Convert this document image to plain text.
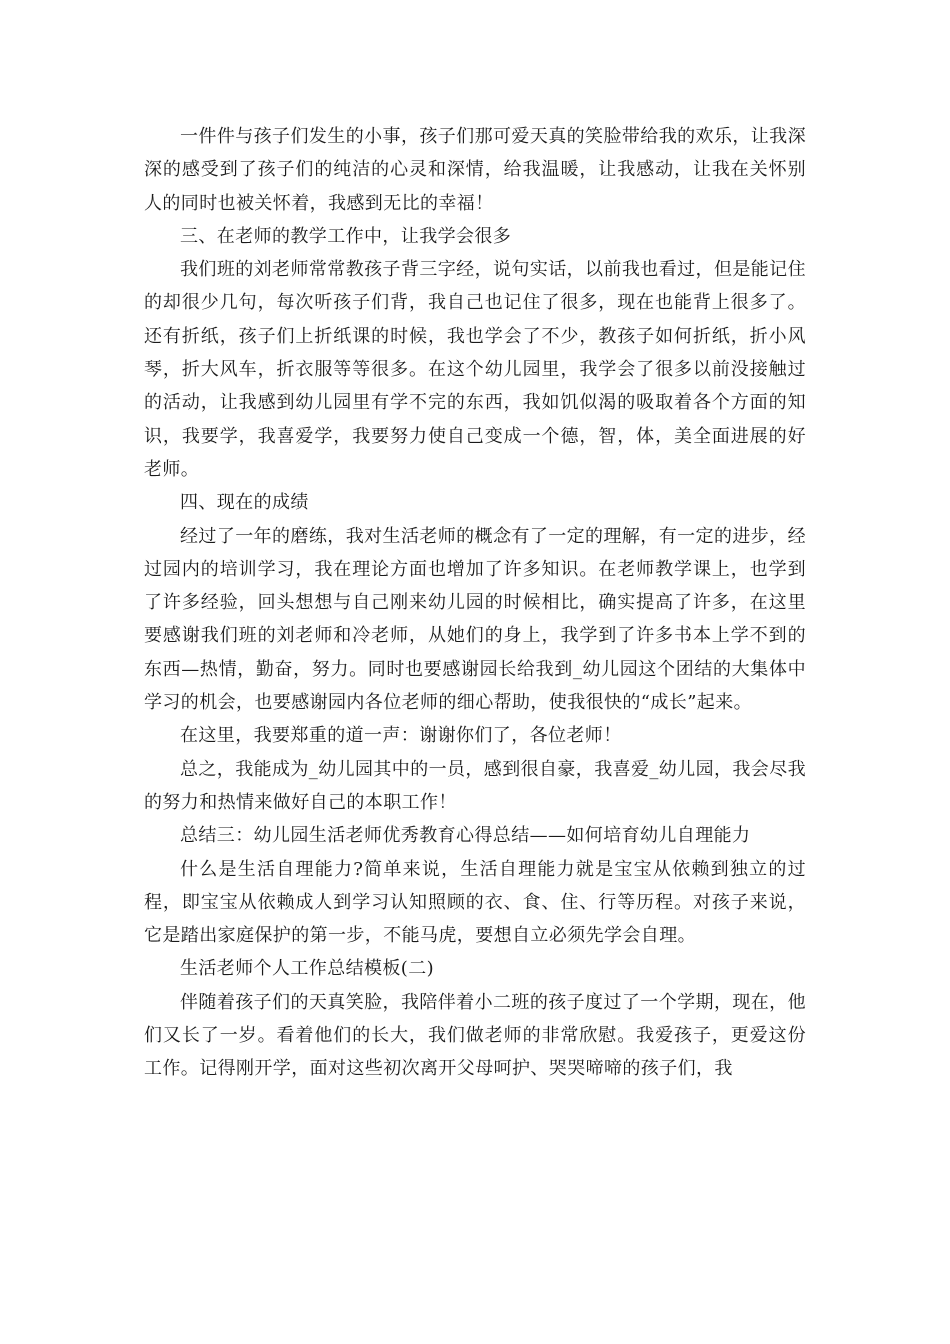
一件件与孩子们发生的小事，孩子们那可爱天真的笑脸带给我的欢乐，让我深深的感受到了孩子们的纯洁的心灵和深情，给我温暖，让我感动，让我在关怀别人的同时也被关怀着，我感到无比的幸福！

三、在老师的教学工作中，让我学会很多

我们班的刘老师常常教孩子背三字经，说句实话，以前我也看过，但是能记住的却很少几句，每次听孩子们背，我自己也记住了很多，现在也能背上很多了。还有折纸，孩子们上折纸课的时候，我也学会了不少，教孩子如何折纸，折小风琴，折大风车，折衣服等等很多。在这个幼儿园里，我学会了很多以前没接触过的活动，让我感到幼儿园里有学不完的东西，我如饥似渴的吸取着各个方面的知识，我要学，我喜爱学，我要努力使自己变成一个德，智，体，美全面进展的好老师。

四、现在的成绩

经过了一年的磨练，我对生活老师的概念有了一定的理解，有一定的进步，经过园内的培训学习，我在理论方面也增加了许多知识。在老师教学课上，也学到了许多经验，回头想想与自己刚来幼儿园的时候相比，确实提高了许多，在这里要感谢我们班的刘老师和冷老师，从她们的身上，我学到了许多书本上学不到的东西—热情，勤奋，努力。同时也要感谢园长给我到_幼儿园这个团结的大集体中学习的机会，也要感谢园内各位老师的细心帮助，使我很快的“成长”起来。

在这里，我要郑重的道一声：谢谢你们了，各位老师！

总之，我能成为_幼儿园其中的一员，感到很自豪，我喜爱_幼儿园，我会尽我的努力和热情来做好自己的本职工作！

总结三：幼儿园生活老师优秀教育心得总结——如何培育幼儿自理能力

什么是生活自理能力?简单来说，生活自理能力就是宝宝从依赖到独立的过程，即宝宝从依赖成人到学习认知照顾的衣、食、住、行等历程。对孩子来说，它是踏出家庭保护的第一步，不能马虎，要想自立必须先学会自理。

生活老师个人工作总结模板(二)

伴随着孩子们的天真笑脸，我陪伴着小二班的孩子度过了一个学期，现在，他们又长了一岁。看着他们的长大，我们做老师的非常欣慰。我爱孩子，更爱这份工作。记得刚开学，面对这些初次离开父母呵护、哭哭啼啼的孩子们，我
